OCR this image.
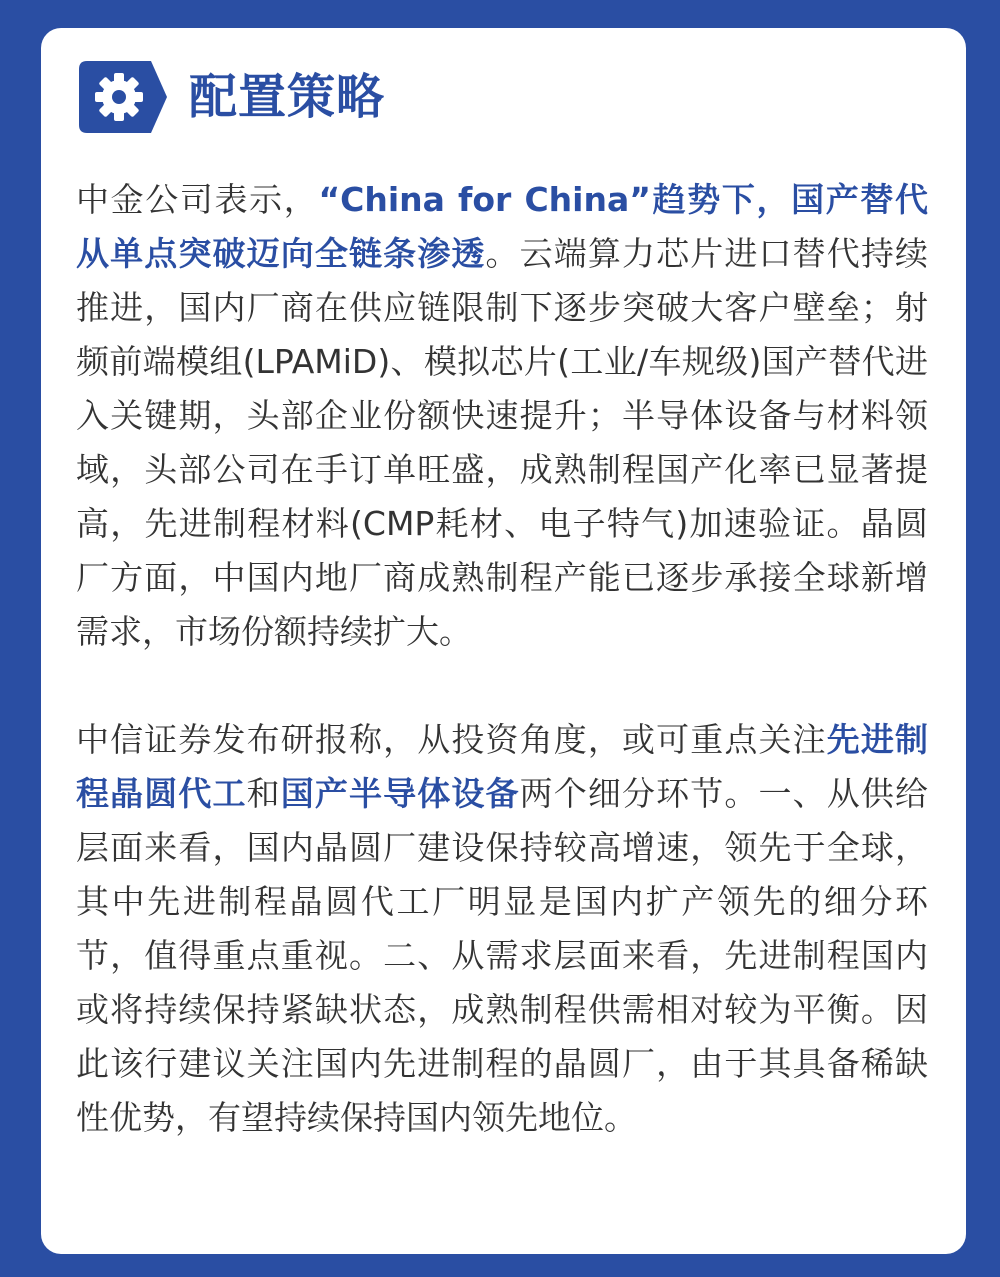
配置策略

中金公司表示，“China for China”趋势下，国产替代从单点突破迈向全链条渗透。云端算力芯片进口替代持续推进，国内厂商在供应链限制下逐步突破大客户壁垒；射频前端模组(LPAMiD)、模拟芯片(工业/车规级)国产替代进入关键期，头部企业份额快速提升；半导体设备与材料领域，头部公司在手订单旺盛，成熟制程国产化率已显著提高，先进制程材料(CMP耗材、电子特气)加速验证。晶圆厂方面，中国内地厂商成熟制程产能已逐步承接全球新增需求，市场份额持续扩大。

中信证券发布研报称，从投资角度，或可重点关注先进制程晶圆代工和国产半导体设备两个细分环节。一、从供给层面来看，国内晶圆厂建设保持较高增速，领先于全球，其中先进制程晶圆代工厂明显是国内扩产领先的细分环节，值得重点重视。二、从需求层面来看，先进制程国内或将持续保持紧缺状态，成熟制程供需相对较为平衡。因此该行建议关注国内先进制程的晶圆厂，由于其具备稀缺性优势，有望持续保持国内领先地位。
